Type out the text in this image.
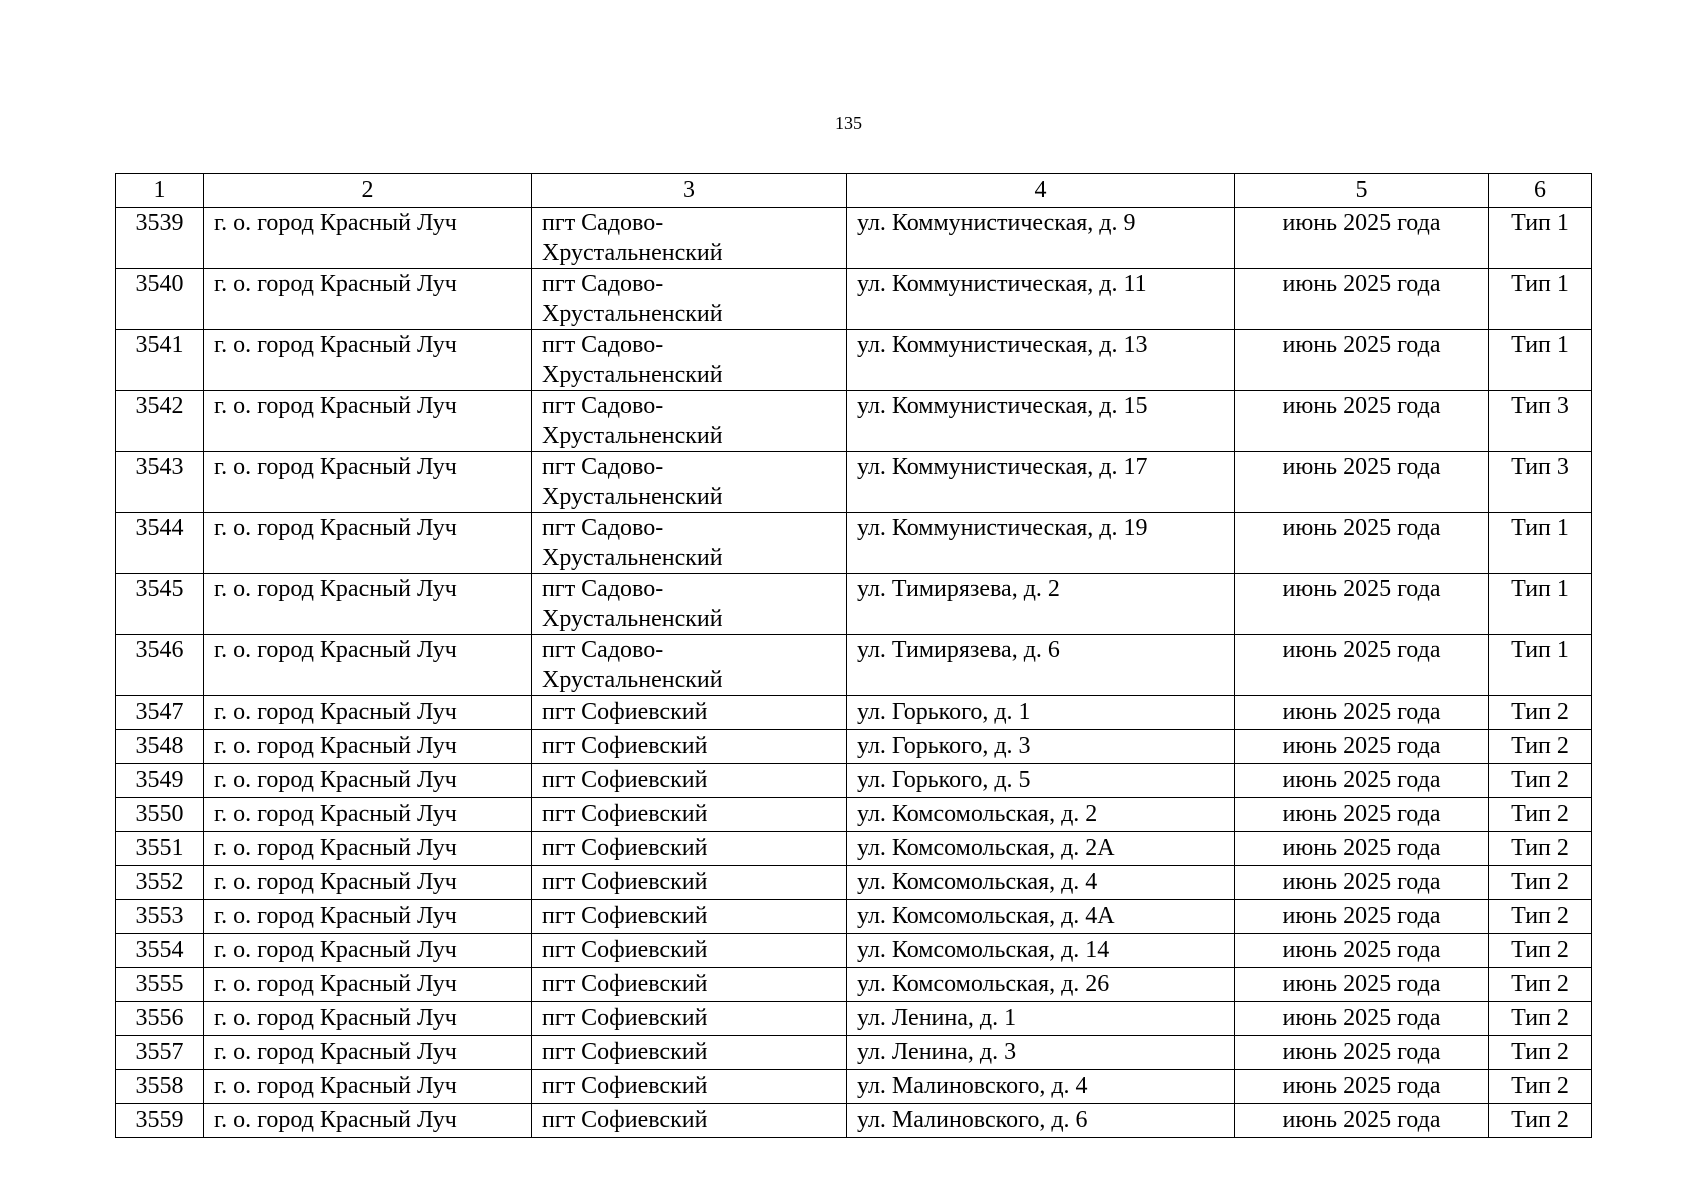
135
1	2	3	4	5	6
3539	г. о. город Красный Луч	пгт Садово-Хрустальненский	ул. Коммунистическая, д. 9	июнь 2025 года	Тип 1
3540	г. о. город Красный Луч	пгт Садово-Хрустальненский	ул. Коммунистическая, д. 11	июнь 2025 года	Тип 1
3541	г. о. город Красный Луч	пгт Садово-Хрустальненский	ул. Коммунистическая, д. 13	июнь 2025 года	Тип 1
3542	г. о. город Красный Луч	пгт Садово-Хрустальненский	ул. Коммунистическая, д. 15	июнь 2025 года	Тип 3
3543	г. о. город Красный Луч	пгт Садово-Хрустальненский	ул. Коммунистическая, д. 17	июнь 2025 года	Тип 3
3544	г. о. город Красный Луч	пгт Садово-Хрустальненский	ул. Коммунистическая, д. 19	июнь 2025 года	Тип 1
3545	г. о. город Красный Луч	пгт Садово-Хрустальненский	ул. Тимирязева, д. 2	июнь 2025 года	Тип 1
3546	г. о. город Красный Луч	пгт Садово-Хрустальненский	ул. Тимирязева, д. 6	июнь 2025 года	Тип 1
3547	г. о. город Красный Луч	пгт Софиевский	ул. Горького, д. 1	июнь 2025 года	Тип 2
3548	г. о. город Красный Луч	пгт Софиевский	ул. Горького, д. 3	июнь 2025 года	Тип 2
3549	г. о. город Красный Луч	пгт Софиевский	ул. Горького, д. 5	июнь 2025 года	Тип 2
3550	г. о. город Красный Луч	пгт Софиевский	ул. Комсомольская, д. 2	июнь 2025 года	Тип 2
3551	г. о. город Красный Луч	пгт Софиевский	ул. Комсомольская, д. 2А	июнь 2025 года	Тип 2
3552	г. о. город Красный Луч	пгт Софиевский	ул. Комсомольская, д. 4	июнь 2025 года	Тип 2
3553	г. о. город Красный Луч	пгт Софиевский	ул. Комсомольская, д. 4А	июнь 2025 года	Тип 2
3554	г. о. город Красный Луч	пгт Софиевский	ул. Комсомольская, д. 14	июнь 2025 года	Тип 2
3555	г. о. город Красный Луч	пгт Софиевский	ул. Комсомольская, д. 26	июнь 2025 года	Тип 2
3556	г. о. город Красный Луч	пгт Софиевский	ул. Ленина, д. 1	июнь 2025 года	Тип 2
3557	г. о. город Красный Луч	пгт Софиевский	ул. Ленина, д. 3	июнь 2025 года	Тип 2
3558	г. о. город Красный Луч	пгт Софиевский	ул. Малиновского, д. 4	июнь 2025 года	Тип 2
3559	г. о. город Красный Луч	пгт Софиевский	ул. Малиновского, д. 6	июнь 2025 года	Тип 2
